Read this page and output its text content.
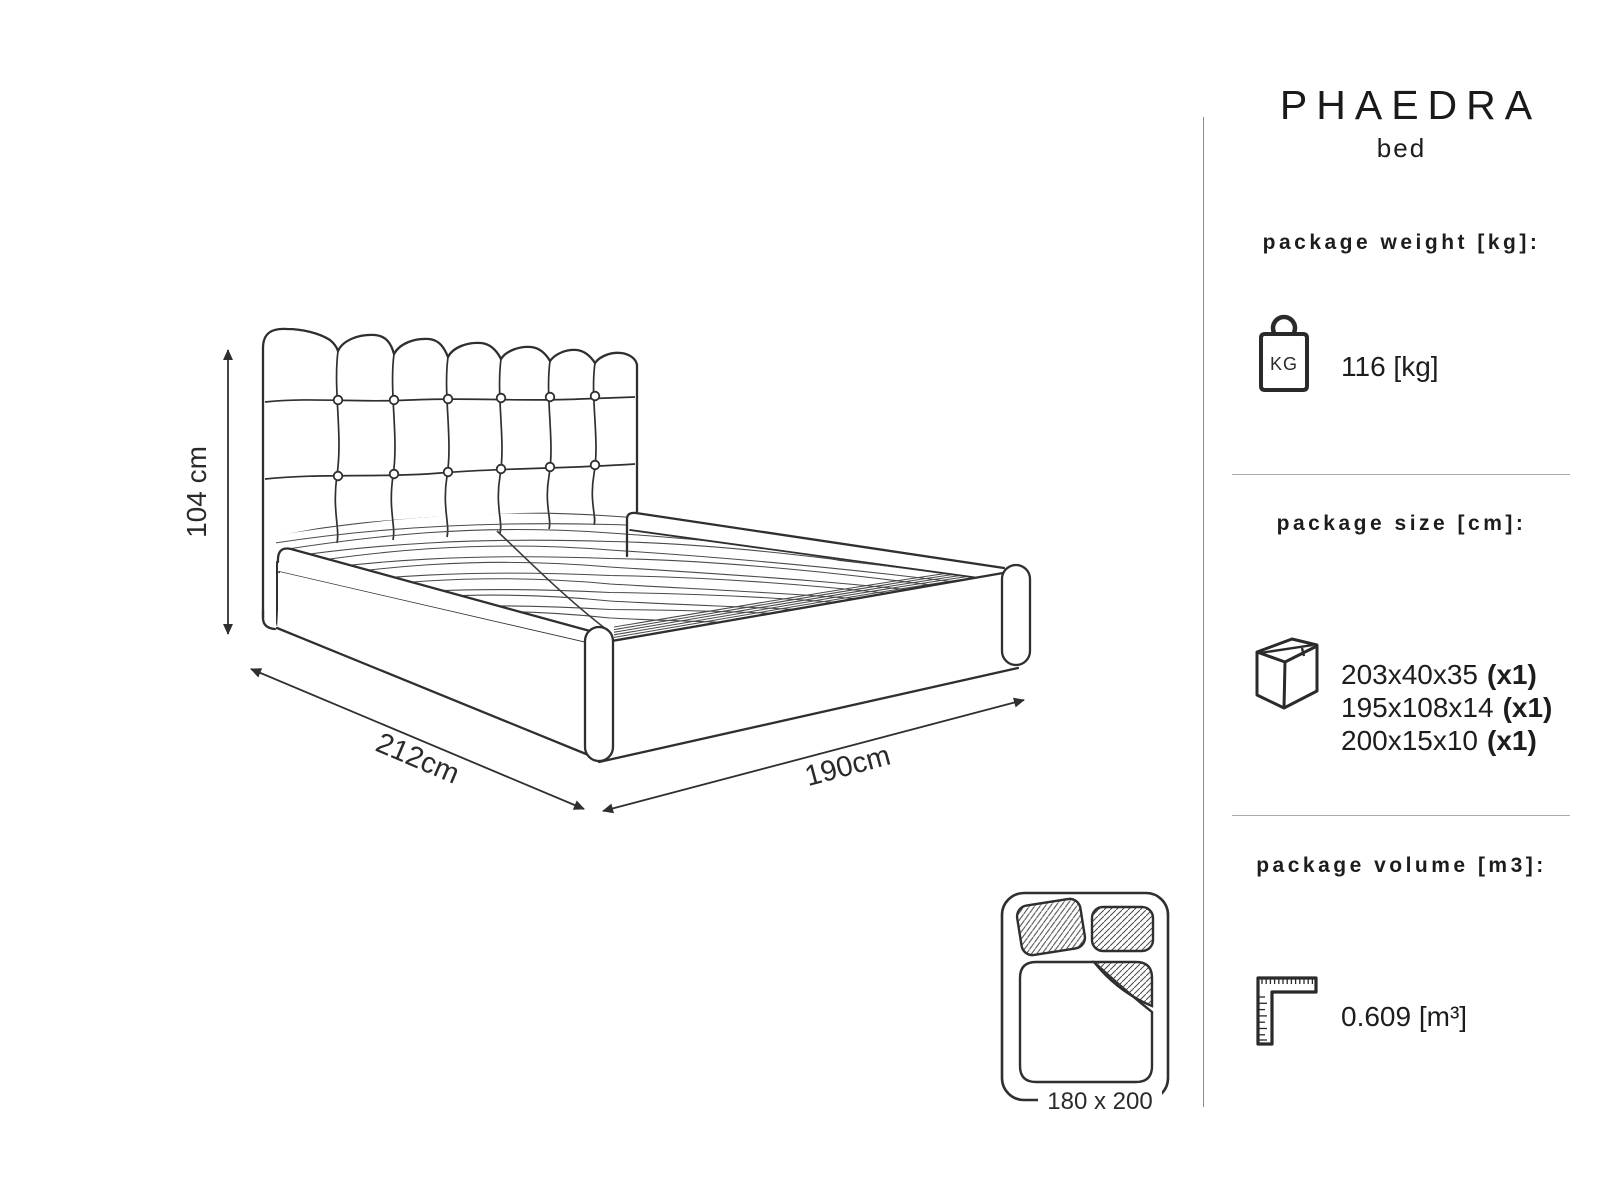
104 cm
212cm	190cm
180 x 200
PHAEDRA
bed
package weight [kg]:
KG 116 [kg]
package size [cm]:
203x40x35 (x1)
195x108x14 (x1)
200x15x10 (x1)
package volume [m3]:
0.609 [m³]
